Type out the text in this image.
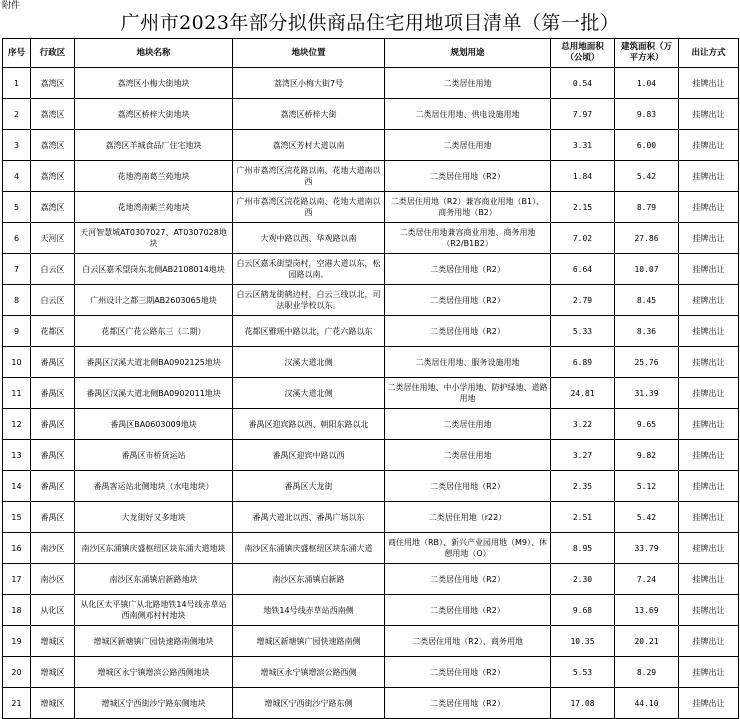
附件
广州市2023年部分拟供商品住宅用地项目清单（第一批）
序号	行政区	地块名称	地块位置	规划用途	总用地面积（公顷）	建筑面积（万平方米）	出让方式
1	荔湾区	荔湾区小梅大街地块	荔湾区小梅大街7号	二类居住用地	0.54	1.04	挂牌出让
2	荔湾区	荔湾区桥梓大街地块	荔湾区桥梓大街	二类居住用地、供电设施用地	7.97	9.83	挂牌出让
3	荔湾区	荔湾区羊城食品厂住宅地块	荔湾区芳村大道以南	二类居住用地	3.31	6.00	挂牌出让
4	荔湾区	花地湾南葛兰苑地块	广州市荔湾区浣花路以南、花地大道南以西	二类居住用地（R2）	1.84	5.42	挂牌出让
5	荔湾区	花地湾南紫兰苑地块	广州市荔湾区浣花路以南、花地大道南以西	二类居住用地（R2）兼容商业用地（B1）、商务用地（B2）	2.15	8.79	挂牌出让
6	天河区	天河智慧城AT0307027、AT0307028地块	大观中路以西、华观路以南	二类居住用地兼容商业用地、商务用地（R2/B1B2）	7.02	27.86	挂牌出让
7	白云区	白云区嘉禾望岗东北侧AB2108014地块	白云区嘉禾街望岗村，空港大道以东，松园路以南。	二类居住用地（R2）	6.64	10.07	挂牌出让
8	白云区	广州设计之都三期AB2603065地块	白云区鹤龙街鹤边村，白云三线以北，司法职业学校以东。	二类居住用地（R2）	2.79	8.45	挂牌出让
9	花都区	花都区广花公路东三（二期）	花都区雅瑶中路以北，广花六路以东	二类居住用地（R2）	5.33	8.36	挂牌出让
10	番禺区	番禺区汉溪大道北侧BA0902125地块	汉溪大道北侧	二类居住用地、服务设施用地	6.89	25.76	挂牌出让
11	番禺区	番禺区汉溪大道北侧BA0902011地块	汉溪大道北侧	二类居住用地、中小学用地、防护绿地、道路用地	24.81	31.39	挂牌出让
12	番禺区	番禺区BA0603009地块	番禺区迎宾路以西、朝阳东路以北	二类居住用地	3.22	9.65	挂牌出让
13	番禺区	番禺区市桥货运站	番禺区迎宾中路以西	二类居住用地	3.27	9.82	挂牌出让
14	番禺区	番禺客运站北侧地块（水电地块）	番禺区大龙街	二类居住用地（R2）	2.35	5.12	挂牌出让
15	番禺区	大龙街好又多地块	番禺大道北以西、番禺广场以东	二类居住用地（r22）	2.51	5.42	挂牌出让
16	南沙区	南沙区东涌镇庆盛枢纽区块东涌大道地块	南沙区东涌镇庆盛枢纽区块东涌大道	商住用地（RB）、新兴产业园用地（M9）、休憩用地（O）	8.95	33.79	挂牌出让
17	南沙区	南沙区东涌镇启新路地块	南沙区东涌镇启新路	二类居住用地（R2）	2.30	7.24	挂牌出让
18	从化区	从化区太平镇广从北路地铁14号线赤草站西南侧邓村村地块	地铁14号线赤草站西南侧	二类居住用地（R2）	9.68	13.69	挂牌出让
19	增城区	增城区新塘镇广园快速路南侧地块	增城区新塘镇广园快速路南侧	二类居住用地（R2）、商务用地	10.35	20.21	挂牌出让
20	增城区	增城区永宁镇增滨公路西侧地块	增城区永宁镇增滨公路西侧	二类居住用地（R2）	5.53	8.29	挂牌出让
21	增城区	增城区宁西街沙宁路东侧地块	增城区宁西街沙宁路东侧	二类居住用地（R2）	17.08	44.10	挂牌出让
